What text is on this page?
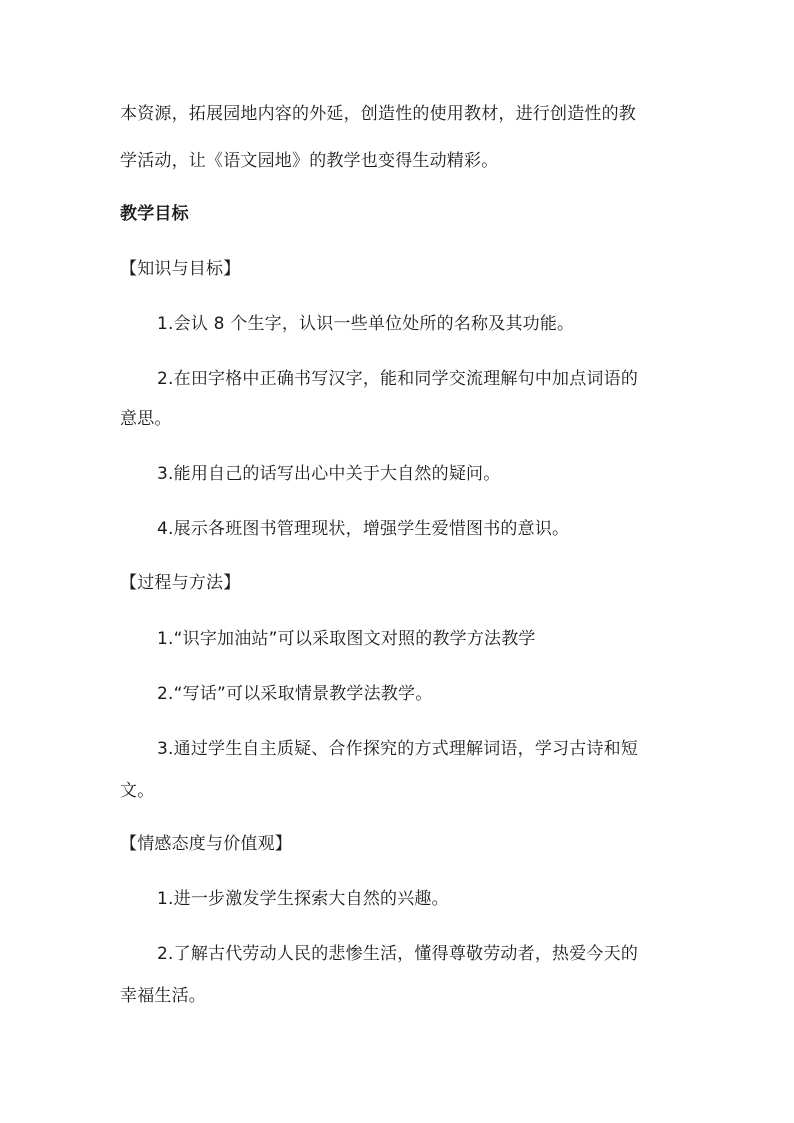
本资源，拓展园地内容的外延，创造性的使用教材，进行创造性的教
学活动，让《语文园地》的教学也变得生动精彩。
教学目标
【知识与目标】
1.会认 8 个生字，认识一些单位处所的名称及其功能。
2.在田字格中正确书写汉字，能和同学交流理解句中加点词语的
意思。
3.能用自己的话写出心中关于大自然的疑问。
4.展示各班图书管理现状，增强学生爱惜图书的意识。
【过程与方法】
1.“识字加油站”可以采取图文对照的教学方法教学
2.“写话”可以采取情景教学法教学。
3.通过学生自主质疑、合作探究的方式理解词语，学习古诗和短
文。
【情感态度与价值观】
1.进一步激发学生探索大自然的兴趣。
2.了解古代劳动人民的悲惨生活，懂得尊敬劳动者，热爱今天的
幸福生活。
